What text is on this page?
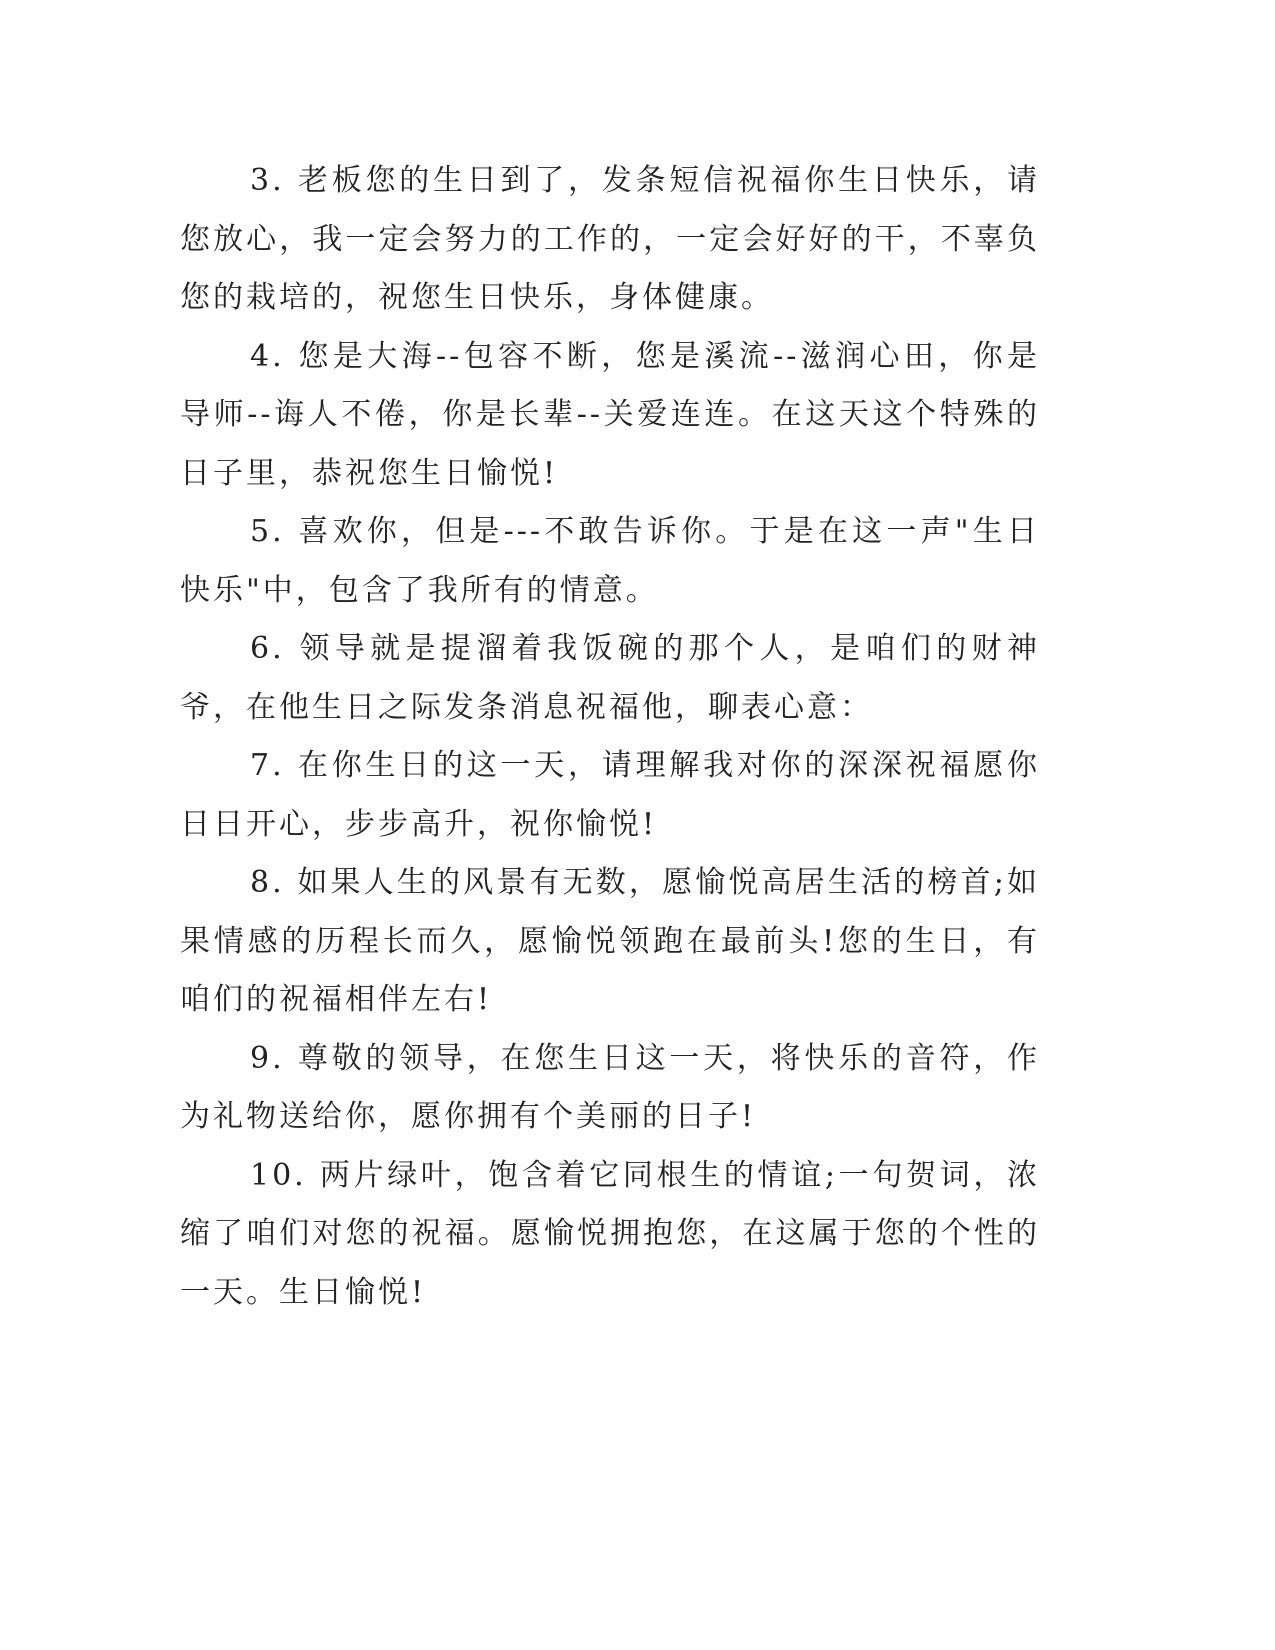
3. 老板您的生日到了，发条短信祝福你生日快乐，请您放心，我一定会努力的工作的，一定会好好的干，不辜负您的栽培的，祝您生日快乐，身体健康。

4. 您是大海--包容不断，您是溪流--滋润心田，你是导师--诲人不倦，你是长辈--关爱连连。在这天这个特殊的日子里，恭祝您生日愉悦!

5. 喜欢你，但是---不敢告诉你。于是在这一声"生日快乐"中，包含了我所有的情意。

6. 领导就是提溜着我饭碗的那个人，是咱们的财神爷，在他生日之际发条消息祝福他，聊表心意：

7. 在你生日的这一天，请理解我对你的深深祝福愿你日日开心，步步高升，祝你愉悦!

8. 如果人生的风景有无数，愿愉悦高居生活的榜首;如果情感的历程长而久，愿愉悦领跑在最前头!您的生日，有咱们的祝福相伴左右!

9. 尊敬的领导，在您生日这一天，将快乐的音符，作为礼物送给你，愿你拥有个美丽的日子!

10. 两片绿叶，饱含着它同根生的情谊;一句贺词，浓缩了咱们对您的祝福。愿愉悦拥抱您，在这属于您的个性的一天。生日愉悦!
